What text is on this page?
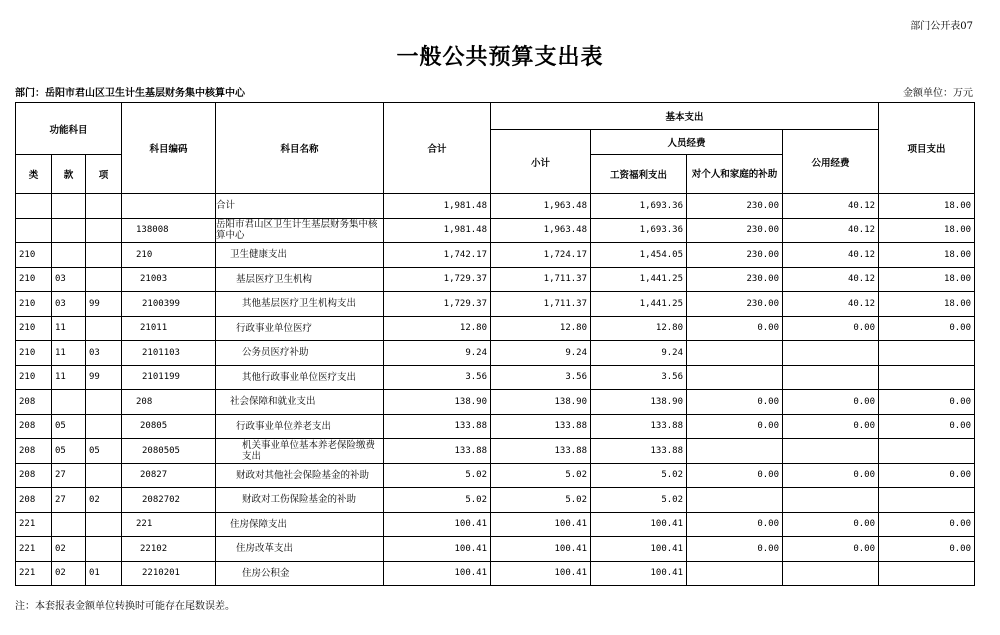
部门公开表07
一般公共预算支出表
部门：岳阳市君山区卫生计生基层财务集中核算中心	金额单位：万元
功能科目			科目编码	科目名称	合计	基本支出				项目支出
						小计	人员经费		公用经费	
类	款	项					工资福利支出	对个人和家庭的补助		
				合计	1,981.48	1,963.48	1,693.36	230.00	40.12	18.00
			138008	岳阳市君山区卫生计生基层财务集中核算中心	1,981.48	1,963.48	1,693.36	230.00	40.12	18.00
210			210	卫生健康支出	1,742.17	1,724.17	1,454.05	230.00	40.12	18.00
210	03		21003	基层医疗卫生机构	1,729.37	1,711.37	1,441.25	230.00	40.12	18.00
210	03	99	2100399	其他基层医疗卫生机构支出	1,729.37	1,711.37	1,441.25	230.00	40.12	18.00
210	11		21011	行政事业单位医疗	12.80	12.80	12.80	0.00	0.00	0.00
210	11	03	2101103	公务员医疗补助	9.24	9.24	9.24			
210	11	99	2101199	其他行政事业单位医疗支出	3.56	3.56	3.56			
208			208	社会保障和就业支出	138.90	138.90	138.90	0.00	0.00	0.00
208	05		20805	行政事业单位养老支出	133.88	133.88	133.88	0.00	0.00	0.00
208	05	05	2080505	机关事业单位基本养老保险缴费支出	133.88	133.88	133.88			
208	27		20827	财政对其他社会保险基金的补助	5.02	5.02	5.02	0.00	0.00	0.00
208	27	02	2082702	财政对工伤保险基金的补助	5.02	5.02	5.02			
221			221	住房保障支出	100.41	100.41	100.41	0.00	0.00	0.00
221	02		22102	住房改革支出	100.41	100.41	100.41	0.00	0.00	0.00
221	02	01	2210201	住房公积金	100.41	100.41	100.41			
注：本套报表金额单位转换时可能存在尾数误差。
